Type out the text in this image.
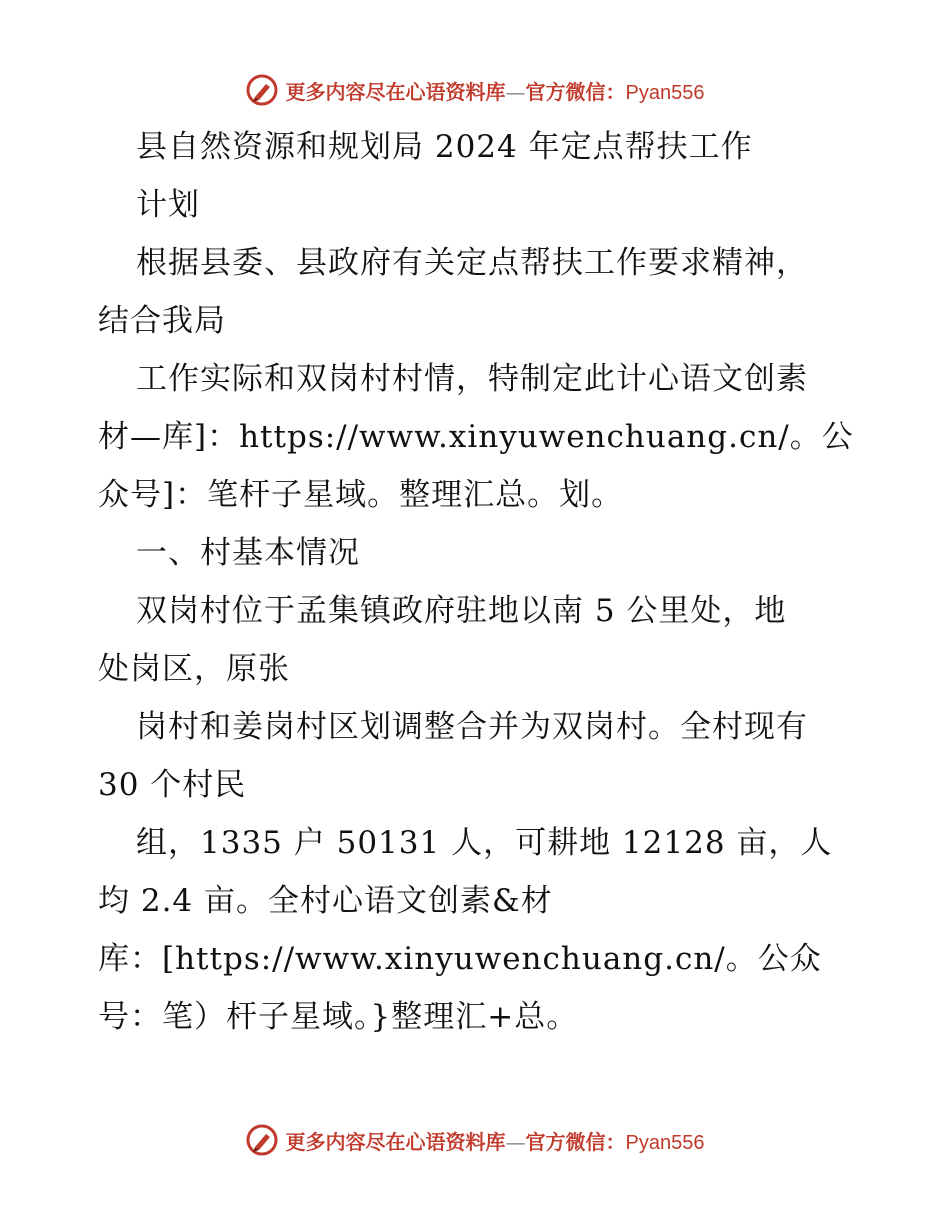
更多内容尽在心语资料库—官方微信：Pyan556
县自然资源和规划局 2024 年定点帮扶工作
计划
根据县委、县政府有关定点帮扶工作要求精神，
结合我局
工作实际和双岗村村情，特制定此计心语文创素
材—库]：https://www.xinyuwenchuang.cn/。公
众号]：笔杆子星域。整理汇总。划。
一、村基本情况
双岗村位于孟集镇政府驻地以南 5 公里处，地
处岗区，原张
岗村和姜岗村区划调整合并为双岗村。全村现有
30 个村民
组，1335 户 50131 人，可耕地 12128 亩，人
均 2.4 亩。全村心语文创素&材
库：[https://www.xinyuwenchuang.cn/。公众
号：笔）杆子星域。}整理汇+总。
更多内容尽在心语资料库—官方微信：Pyan556
